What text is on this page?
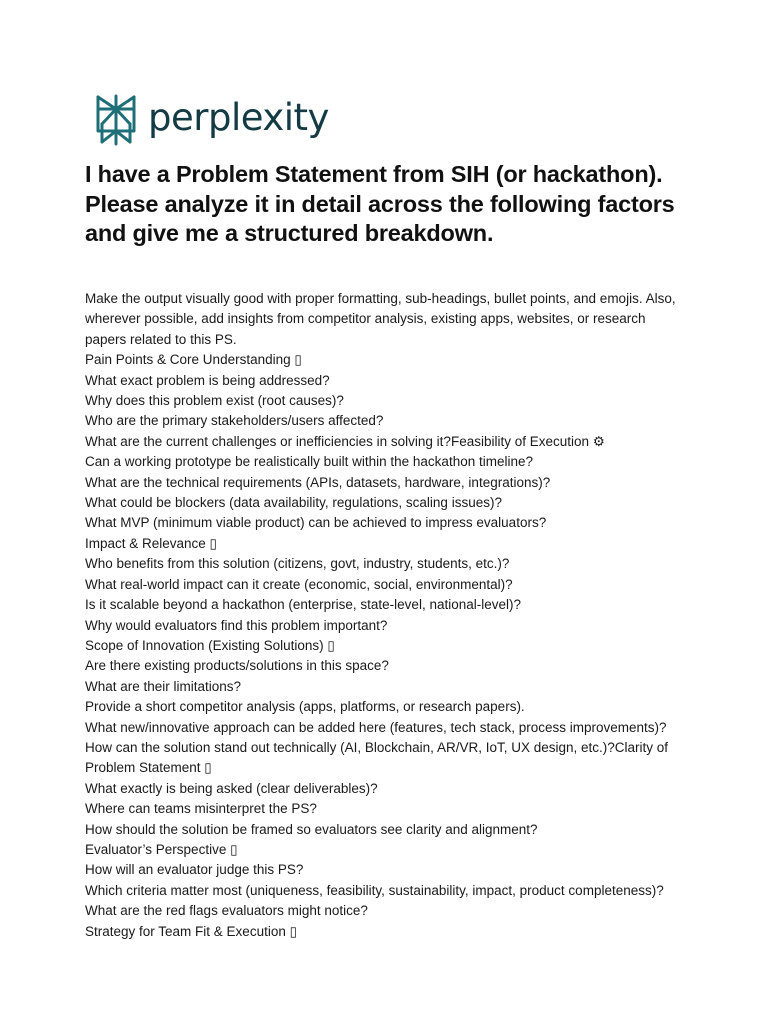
perplexity
I have a Problem Statement from SIH (or hackathon). Please analyze it in detail across the following factors and give me a structured breakdown.

Make the output visually good with proper formatting, sub-headings, bullet points, and emojis. Also, wherever possible, add insights from competitor analysis, existing apps, websites, or research papers related to this PS.

Pain Points & Core Understanding ▯

What exact problem is being addressed?

Why does this problem exist (root causes)?

Who are the primary stakeholders/users affected?

What are the current challenges or inefficiencies in solving it?Feasibility of Execution ⚙

Can a working prototype be realistically built within the hackathon timeline?

What are the technical requirements (APIs, datasets, hardware, integrations)?

What could be blockers (data availability, regulations, scaling issues)?

What MVP (minimum viable product) can be achieved to impress evaluators?

Impact & Relevance ▯

Who benefits from this solution (citizens, govt, industry, students, etc.)?

What real-world impact can it create (economic, social, environmental)?

Is it scalable beyond a hackathon (enterprise, state-level, national-level)?

Why would evaluators find this problem important?

Scope of Innovation (Existing Solutions) ▯

Are there existing products/solutions in this space?

What are their limitations?

Provide a short competitor analysis (apps, platforms, or research papers).

What new/innovative approach can be added here (features, tech stack, process improvements)?

How can the solution stand out technically (AI, Blockchain, AR/VR, IoT, UX design, etc.)?Clarity of Problem Statement ▯

What exactly is being asked (clear deliverables)?

Where can teams misinterpret the PS?

How should the solution be framed so evaluators see clarity and alignment?

Evaluator’s Perspective ▯

How will an evaluator judge this PS?

Which criteria matter most (uniqueness, feasibility, sustainability, impact, product completeness)?

What are the red flags evaluators might notice?

Strategy for Team Fit & Execution ▯
